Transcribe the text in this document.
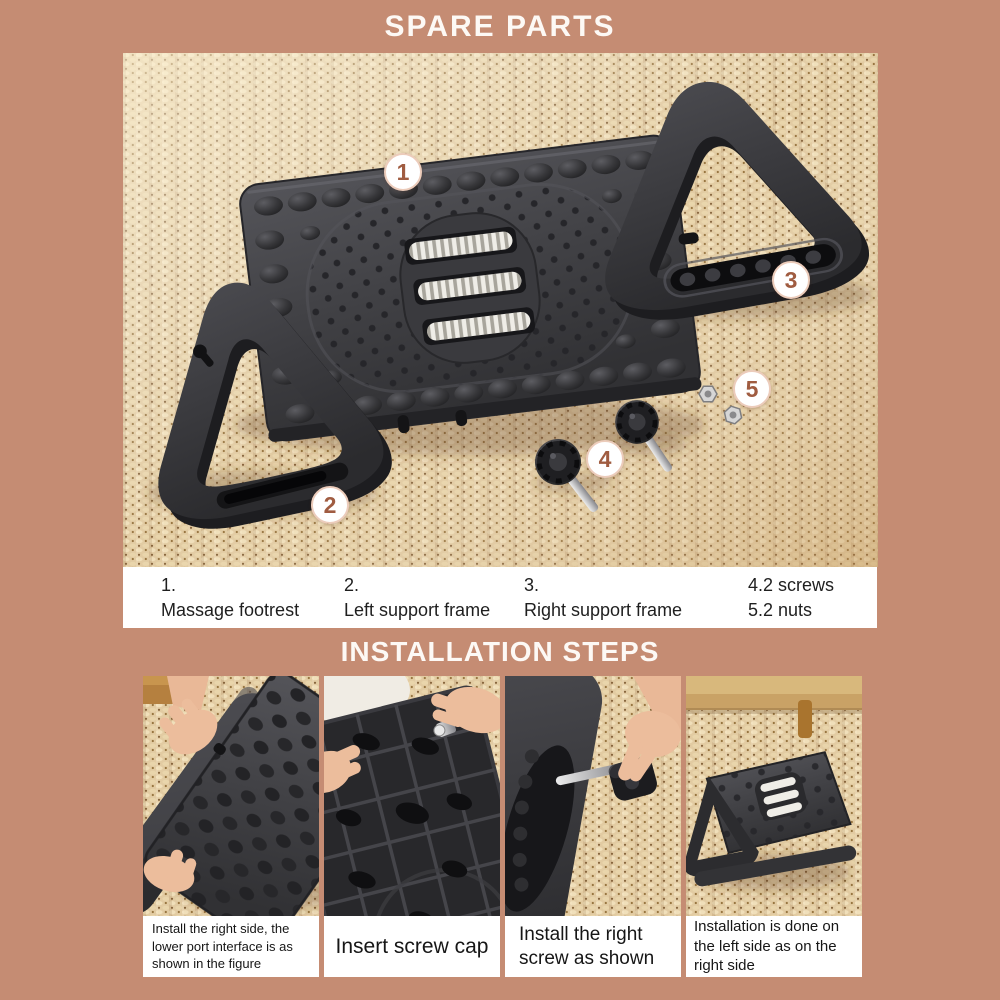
SPARE PARTS
1
2
3
4
5
1.
Massage footrest
2.
Left support frame
3.
Right support frame
4.2 screws
5.2 nuts
INSTALLATION STEPS
Install the right side, the lower port interface is as shown in the figure
Insert screw cap
Install the right screw as shown
Installation is done on the left side as on the right side
